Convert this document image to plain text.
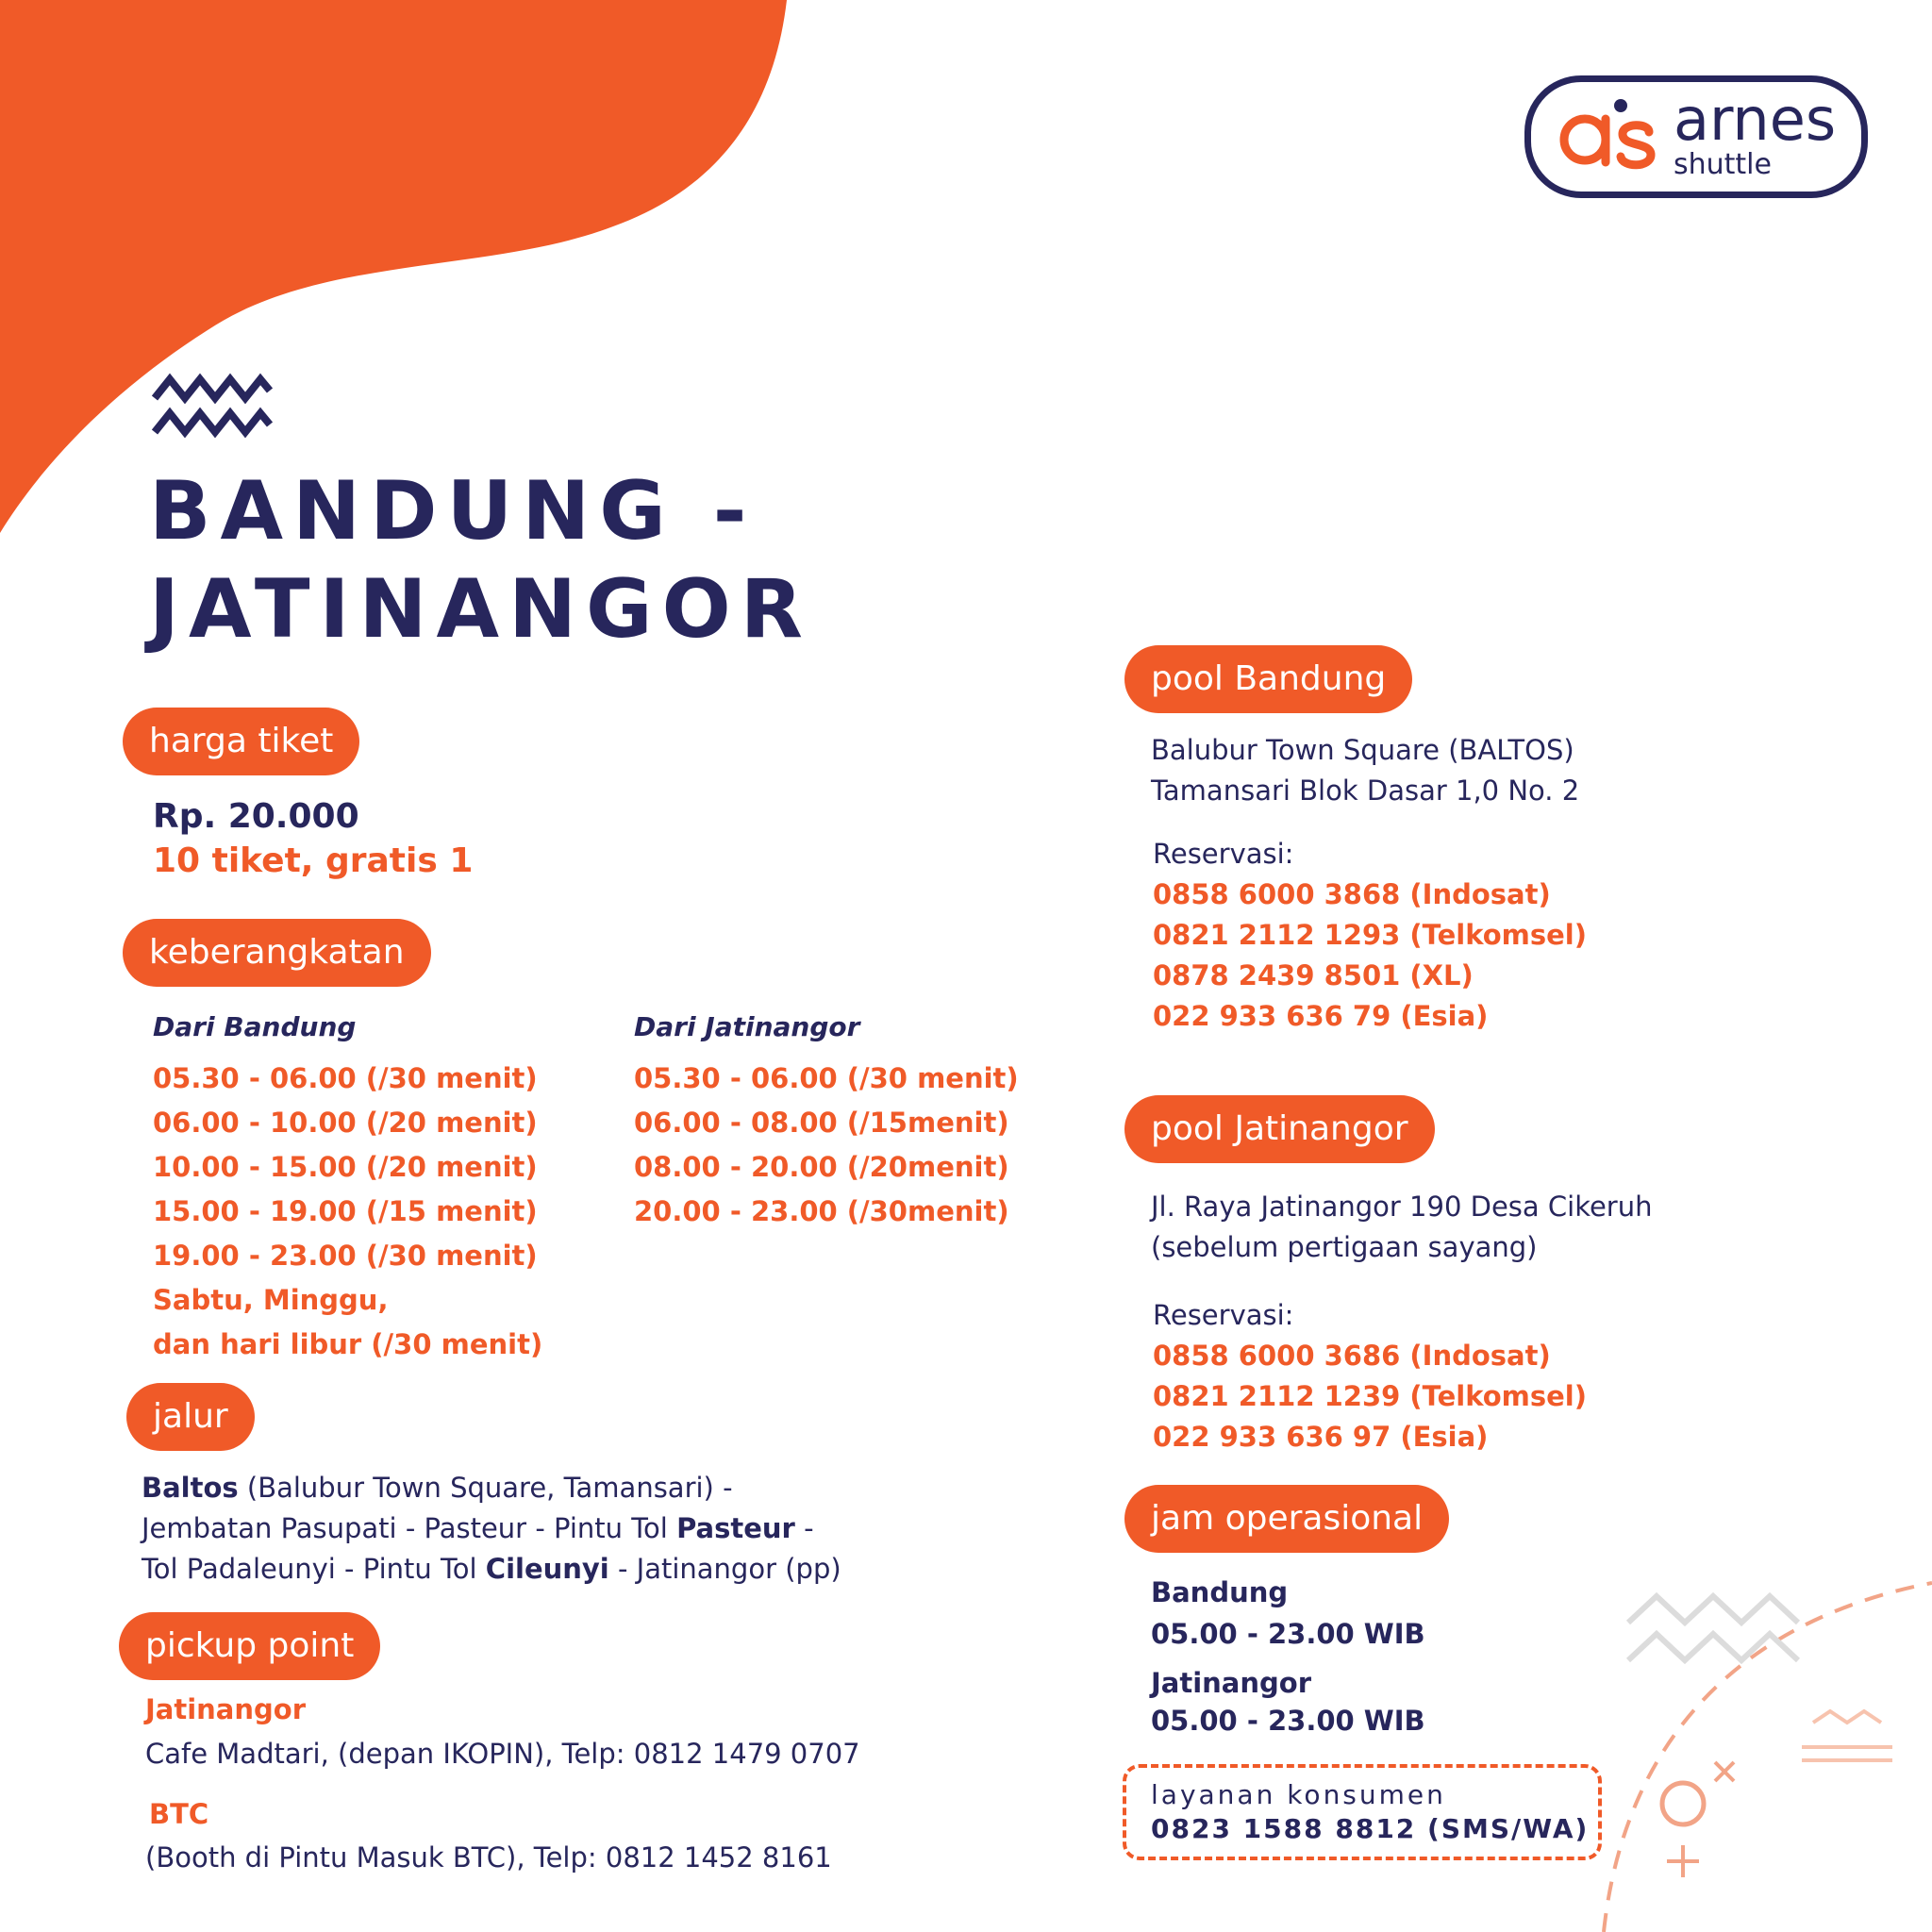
arnes
shuttle
BANDUNG -
JATINANGOR
harga tiket
Rp. 20.000
10 tiket, gratis 1
keberangkatan
Dari Bandung
05.30 - 06.00 (/30 menit)
06.00 - 10.00 (/20 menit)
10.00 - 15.00 (/20 menit)
15.00 - 19.00 (/15 menit)
19.00 - 23.00 (/30 menit)
Sabtu, Minggu,
dan hari libur (/30 menit)
Dari Jatinangor
05.30 - 06.00 (/30 menit)
06.00 - 08.00 (/15menit)
08.00 - 20.00 (/20menit)
20.00 - 23.00 (/30menit)
jalur
Baltos (Balubur Town Square, Tamansari) -
Jembatan Pasupati - Pasteur - Pintu Tol Pasteur -
Tol Padaleunyi - Pintu Tol Cileunyi - Jatinangor (pp)
pickup point
Jatinangor
Cafe Madtari, (depan IKOPIN), Telp: 0812 1479 0707
BTC
(Booth di Pintu Masuk BTC), Telp: 0812 1452 8161
pool Bandung
Balubur Town Square (BALTOS)
Tamansari Blok Dasar 1,0 No. 2
Reservasi:
0858 6000 3868 (Indosat)
0821 2112 1293 (Telkomsel)
0878 2439 8501 (XL)
022 933 636 79 (Esia)
pool Jatinangor
Jl. Raya Jatinangor 190 Desa Cikeruh
(sebelum pertigaan sayang)
Reservasi:
0858 6000 3686 (Indosat)
0821 2112 1239 (Telkomsel)
022 933 636 97 (Esia)
jam operasional
Bandung
05.00 - 23.00 WIB
Jatinangor
05.00 - 23.00 WIB
layanan konsumen
0823 1588 8812 (SMS/WA)
